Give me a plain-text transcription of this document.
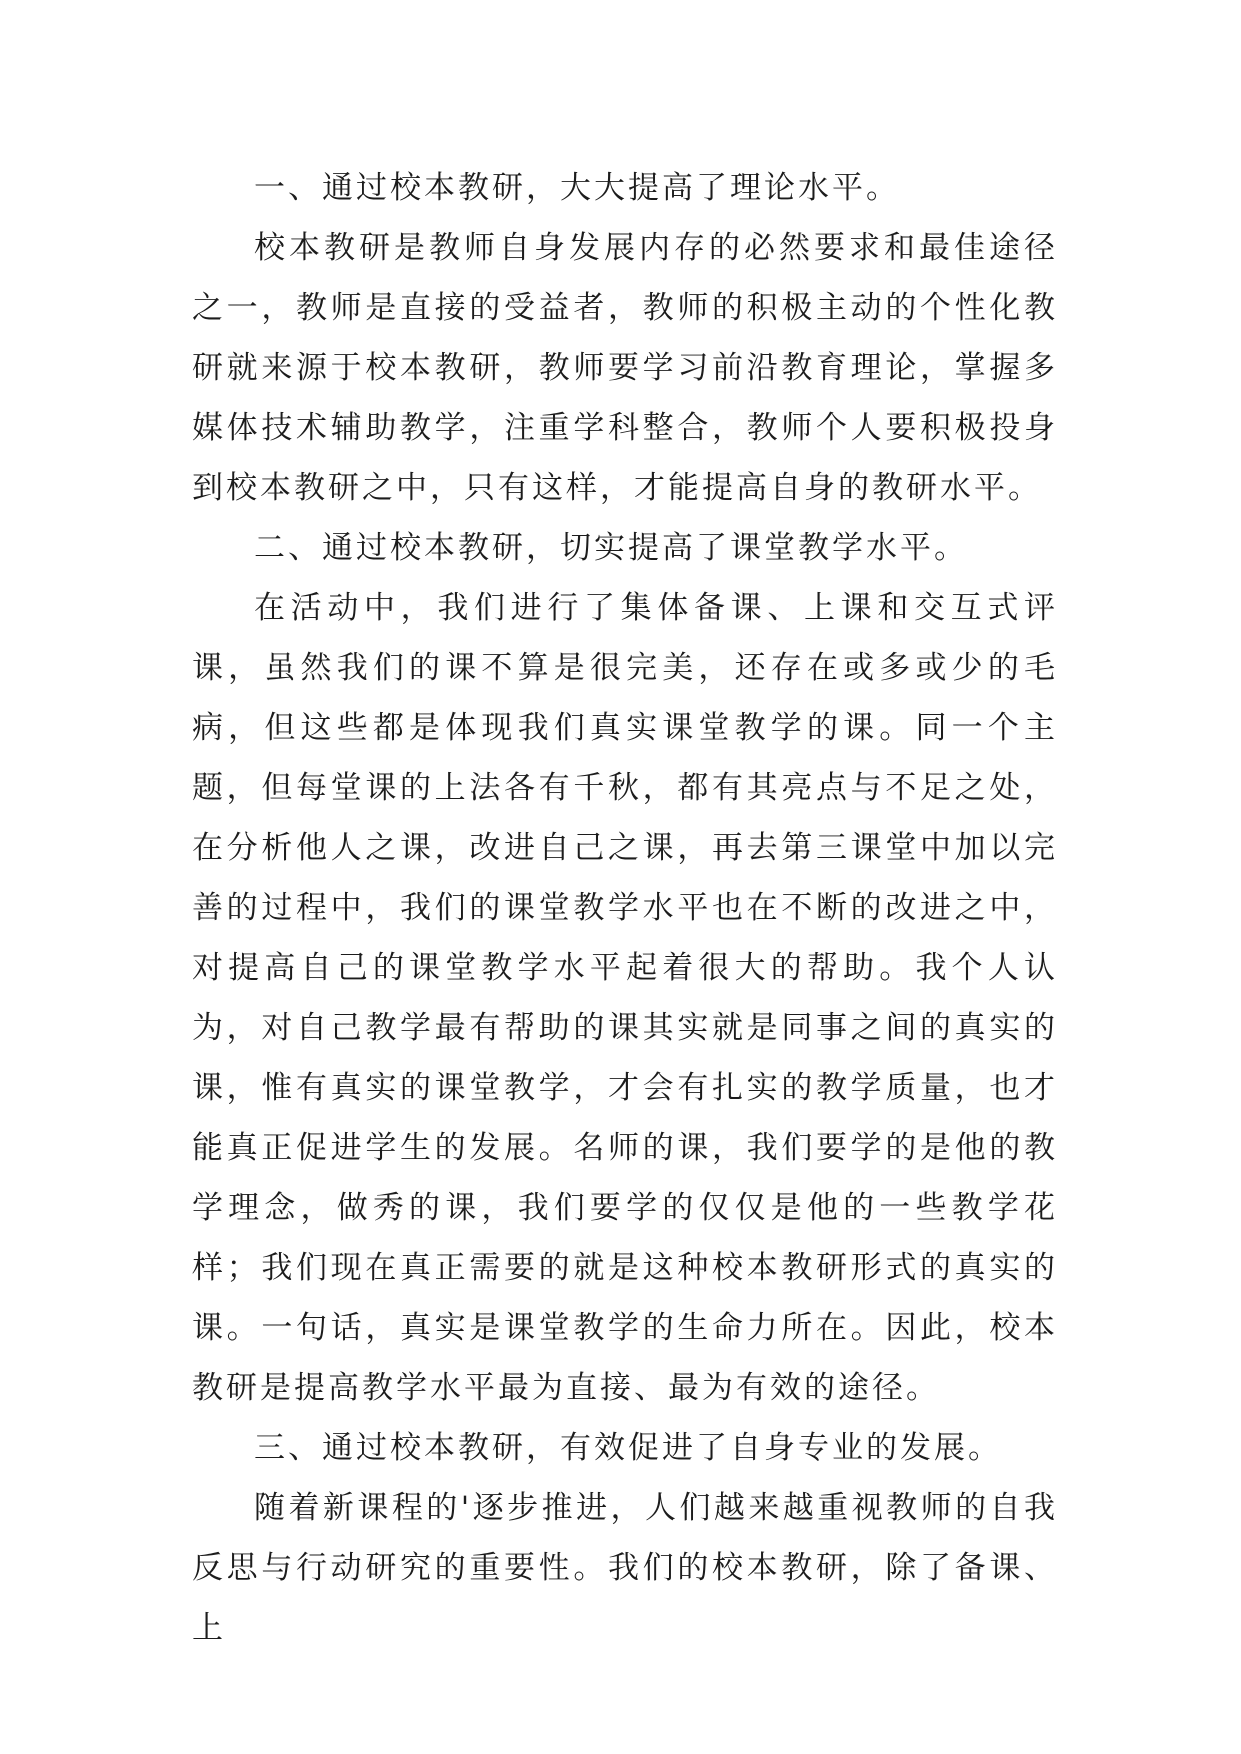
一、通过校本教研，大大提高了理论水平。

校本教研是教师自身发展内存的必然要求和最佳途径之一，教师是直接的受益者，教师的积极主动的个性化教研就来源于校本教研，教师要学习前沿教育理论，掌握多媒体技术辅助教学，注重学科整合，教师个人要积极投身到校本教研之中，只有这样，才能提高自身的教研水平。

二、通过校本教研，切实提高了课堂教学水平。

在活动中，我们进行了集体备课、上课和交互式评课，虽然我们的课不算是很完美，还存在或多或少的毛病，但这些都是体现我们真实课堂教学的课。同一个主题，但每堂课的上法各有千秋，都有其亮点与不足之处，在分析他人之课，改进自己之课，再去第三课堂中加以完善的过程中，我们的课堂教学水平也在不断的改进之中，对提高自己的课堂教学水平起着很大的帮助。我个人认为，对自己教学最有帮助的课其实就是同事之间的真实的课，惟有真实的课堂教学，才会有扎实的教学质量，也才能真正促进学生的发展。名师的课，我们要学的是他的教学理念，做秀的课，我们要学的仅仅是他的一些教学花样；我们现在真正需要的就是这种校本教研形式的真实的课。一句话，真实是课堂教学的生命力所在。因此，校本教研是提高教学水平最为直接、最为有效的途径。

三、通过校本教研，有效促进了自身专业的发展。

随着新课程的'逐步推进，人们越来越重视教师的自我反思与行动研究的重要性。我们的校本教研，除了备课、上
